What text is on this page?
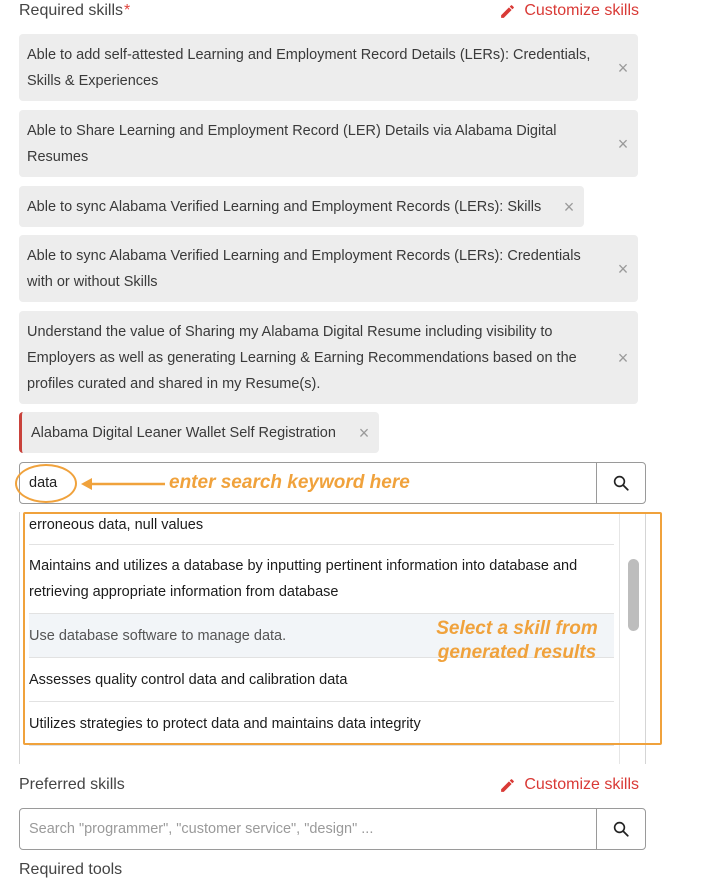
Required skills*	Customize skills
Able to add self-attested Learning and Employment Record Details (LERs): Credentials, Skills & Experiences
×
Able to Share Learning and Employment Record (LER) Details via Alabama Digital Resumes
×
Able to sync Alabama Verified Learning and Employment Records (LERs): Skills	×
Able to sync Alabama Verified Learning and Employment Records (LERs): Credentials with or without Skills
×
Understand the value of Sharing my Alabama Digital Resume including visibility to Employers as well as generating Learning & Earning Recommendations based on the profiles curated and shared in my Resume(s).
×
Alabama Digital Leaner Wallet Self Registration	×
data
erroneous data, null values
Maintains and utilizes a database by inputting pertinent information into database and retrieving appropriate information from database
Use database software to manage data.
Assesses quality control data and calibration data
Utilizes strategies to protect data and maintains data integrity
enter search keyword here
Select a skill from
generated results
Preferred skills	Customize skills
Search "programmer", "customer service", "design" ...
Required tools
